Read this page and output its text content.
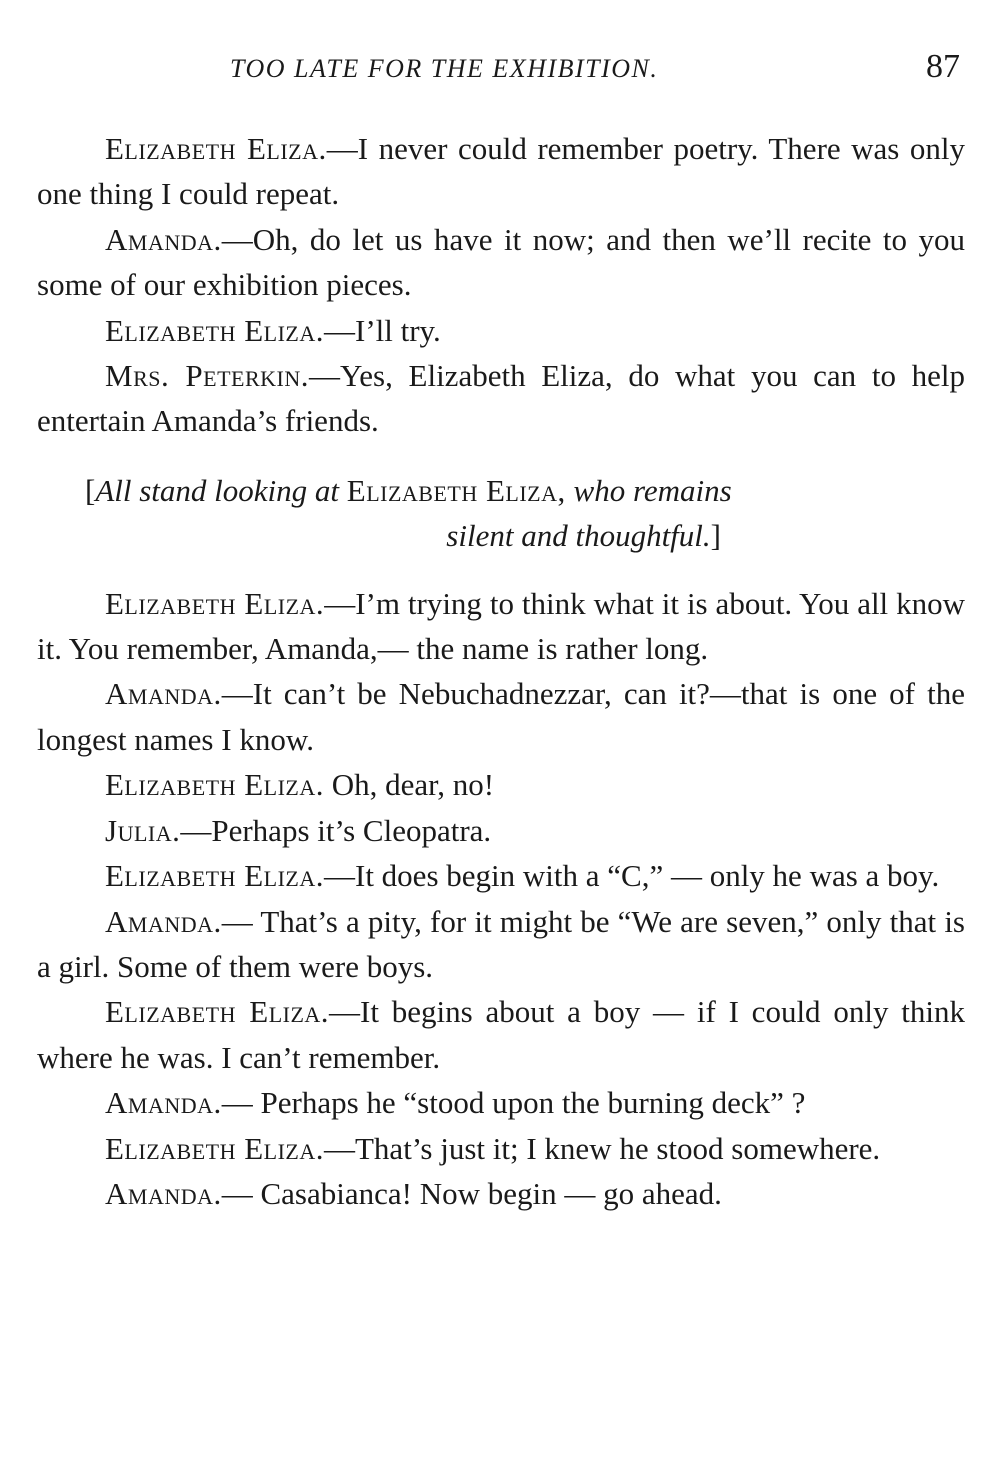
TOO LATE FOR THE EXHIBITION.	87

Elizabeth Eliza.—I never could remember poetry. There was only one thing I could repeat.

Amanda.—Oh, do let us have it now; and then we’ll recite to you some of our exhibition pieces.

Elizabeth Eliza.—I’ll try.

Mrs. Peterkin.—Yes, Elizabeth Eliza, do what you can to help entertain Amanda’s friends.

[All stand looking at Elizabeth Eliza, who remains
silent and thoughtful.]

Elizabeth Eliza.—I’m trying to think what it is about. You all know it. You remember, Amanda,— the name is rather long.

Amanda.—It can’t be Nebuchadnezzar, can it?—that is one of the longest names I know.

Elizabeth Eliza. Oh, dear, no!

Julia.—Perhaps it’s Cleopatra.

Elizabeth Eliza.—It does begin with a “C,” — only he was a boy.

Amanda.— That’s a pity, for it might be “We are seven,” only that is a girl. Some of them were boys.

Elizabeth Eliza.—It begins about a boy — if I could only think where he was. I can’t remember.

Amanda.— Perhaps he “stood upon the burning deck” ?

Elizabeth Eliza.—That’s just it; I knew he stood somewhere.

Amanda.— Casabianca! Now begin — go ahead.
